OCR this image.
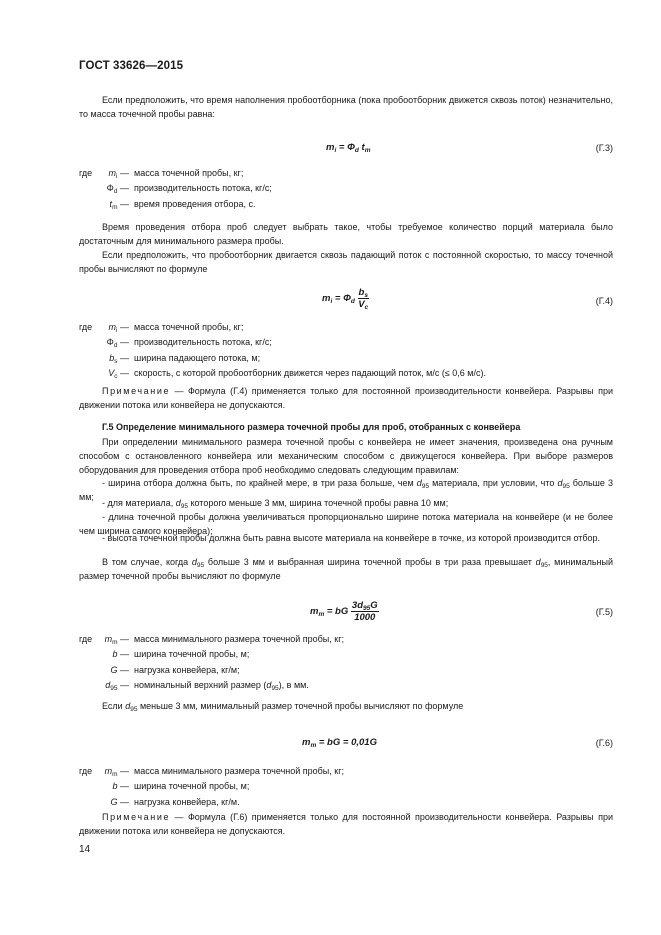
ГОСТ 33626—2015

Если предположить, что время наполнения пробоотборника (пока пробоотборник движется сквозь поток) незначительно, то масса точечной пробы равна:

$m_i = \Phi_d$ $t_m$	(Г.3)
где $m_i$ — масса точечной пробы, кг;
$\Phi_d$ — производительность потока, кг/с;
$t_m$ — время проведения отбора, с.

Время проведения отбора проб следует выбрать такое, чтобы требуемое количество порций материала было достаточным для минимального размера пробы.

Если предположить, что пробоотборник двигается сквозь падающий поток с постоянной скоростью, то массу точечной пробы вычисляют по формуле

$m_i = \Phi_d \frac{b_s}{V_c}$	(Г.4)
где $m_i$ — масса точечной пробы, кг;
$\Phi_d$ — производительность потока, кг/с;
$b_s$ — ширина падающего потока, м;
$V_c$ — скорость, с которой пробоотборник движется через падающий поток, м/с (≤ 0,6 м/с).

Примечание — Формула (Г.4) применяется только для постоянной производительности конвейера. Разрывы при движении потока или конвейера не допускаются.

Г.5 Определение минимального размера точечной пробы для проб, отобранных с конвейера

При определении минимального размера точечной пробы с конвейера не имеет значения, произведена она ручным способом с остановленного конвейера или механическим способом с движущегося конвейера. При выборе размеров оборудования для проведения отбора проб необходимо следовать следующим правилам:

- ширина отбора должна быть, по крайней мере, в три раза больше, чем $d_{95}$ материала, при условии, что $d_{95}$ больше 3 мм;

- для материала, $d_{95}$ которого меньше 3 мм, ширина точечной пробы равна 10 мм;

- длина точечной пробы должна увеличиваться пропорционально ширине потока материала на конвейере (и не более чем ширина самого конвейера);

- высота точечной пробы должна быть равна высоте материала на конвейере в точке, из которой производится отбор.

В том случае, когда $d_{95}$ больше 3 мм и выбранная ширина точечной пробы в три раза превышает $d_{95}$, минимальный размер точечной пробы вычисляют по формуле

$m_m$ = bG $\frac{3d_{95}G}{1000}$	(Г.5)
где $m_m$ — масса минимального размера точечной пробы, кг;
b — ширина точечной пробы, м;
G — нагрузка конвейера, кг/м;
$d_{95}$ — номинальный верхний размер $(d_{95})$, в мм.

Если $d_{95}$ меньше 3 мм, минимальный размер точечной пробы вычисляют по формуле

$m_m$ = bG = 0,01G	(Г.6)
где $m_m$ — масса минимального размера точечной пробы, кг;
b — ширина точечной пробы, м;
G — нагрузка конвейера, кг/м.

Примечание — Формула (Г.6) применяется только для постоянной производительности конвейера. Разрывы при движении потока или конвейера не допускаются.

14
